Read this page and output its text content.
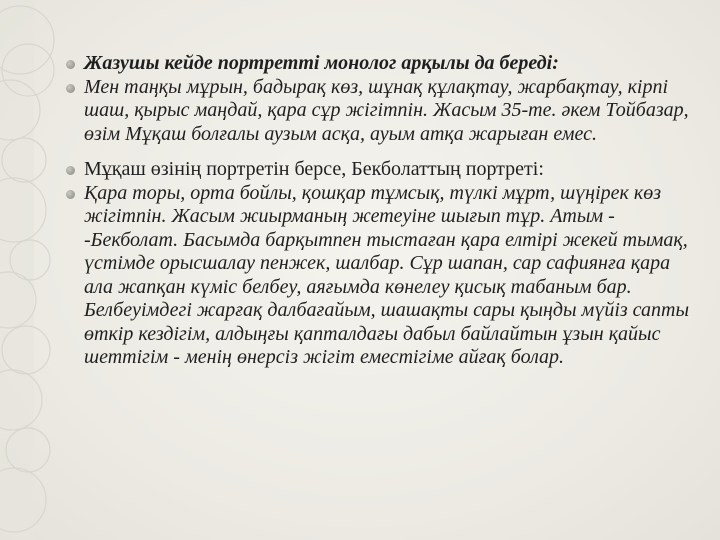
Жазушы кейде портретті монолог арқылы да береді:
Мен таңқы мұрын, бадырақ көз, шұнақ құлақтау, жарбақтау, кірпі шаш, қырыс маңдай, қара сұр жігітпін. Жасым 35-те. әкем Тойбазар, өзім Мұқаш болғалы аузым асқа, ауым атқа жарыған емес.
Мұқаш өзінің портретін берсе, Бекболаттың портреті:
Қара торы, орта бойлы, қошқар тұмсық, түлкі мұрт, шүңірек көз жігітпін. Жасым жиырманың жетеуіне шығып тұр. Атым - -Бекболат. Басымда барқытпен тыстаған қара елтірі жекей тымақ, үстімде орысшалау пенжек, шалбар. Сұр шапан, сар сафиянға қара ала жапқан күміс белбеу, аяғымда көнелеу қисық табаным бар. Белбеуімдегі жарғақ далбағайым, шашақты сары қыңды мүйіз сапты өткір кездігім, алдыңғы қапталдағы дабыл байлайтын ұзын қайыс шеттігім - менің өнерсіз жігіт еместігіме айғақ болар.
